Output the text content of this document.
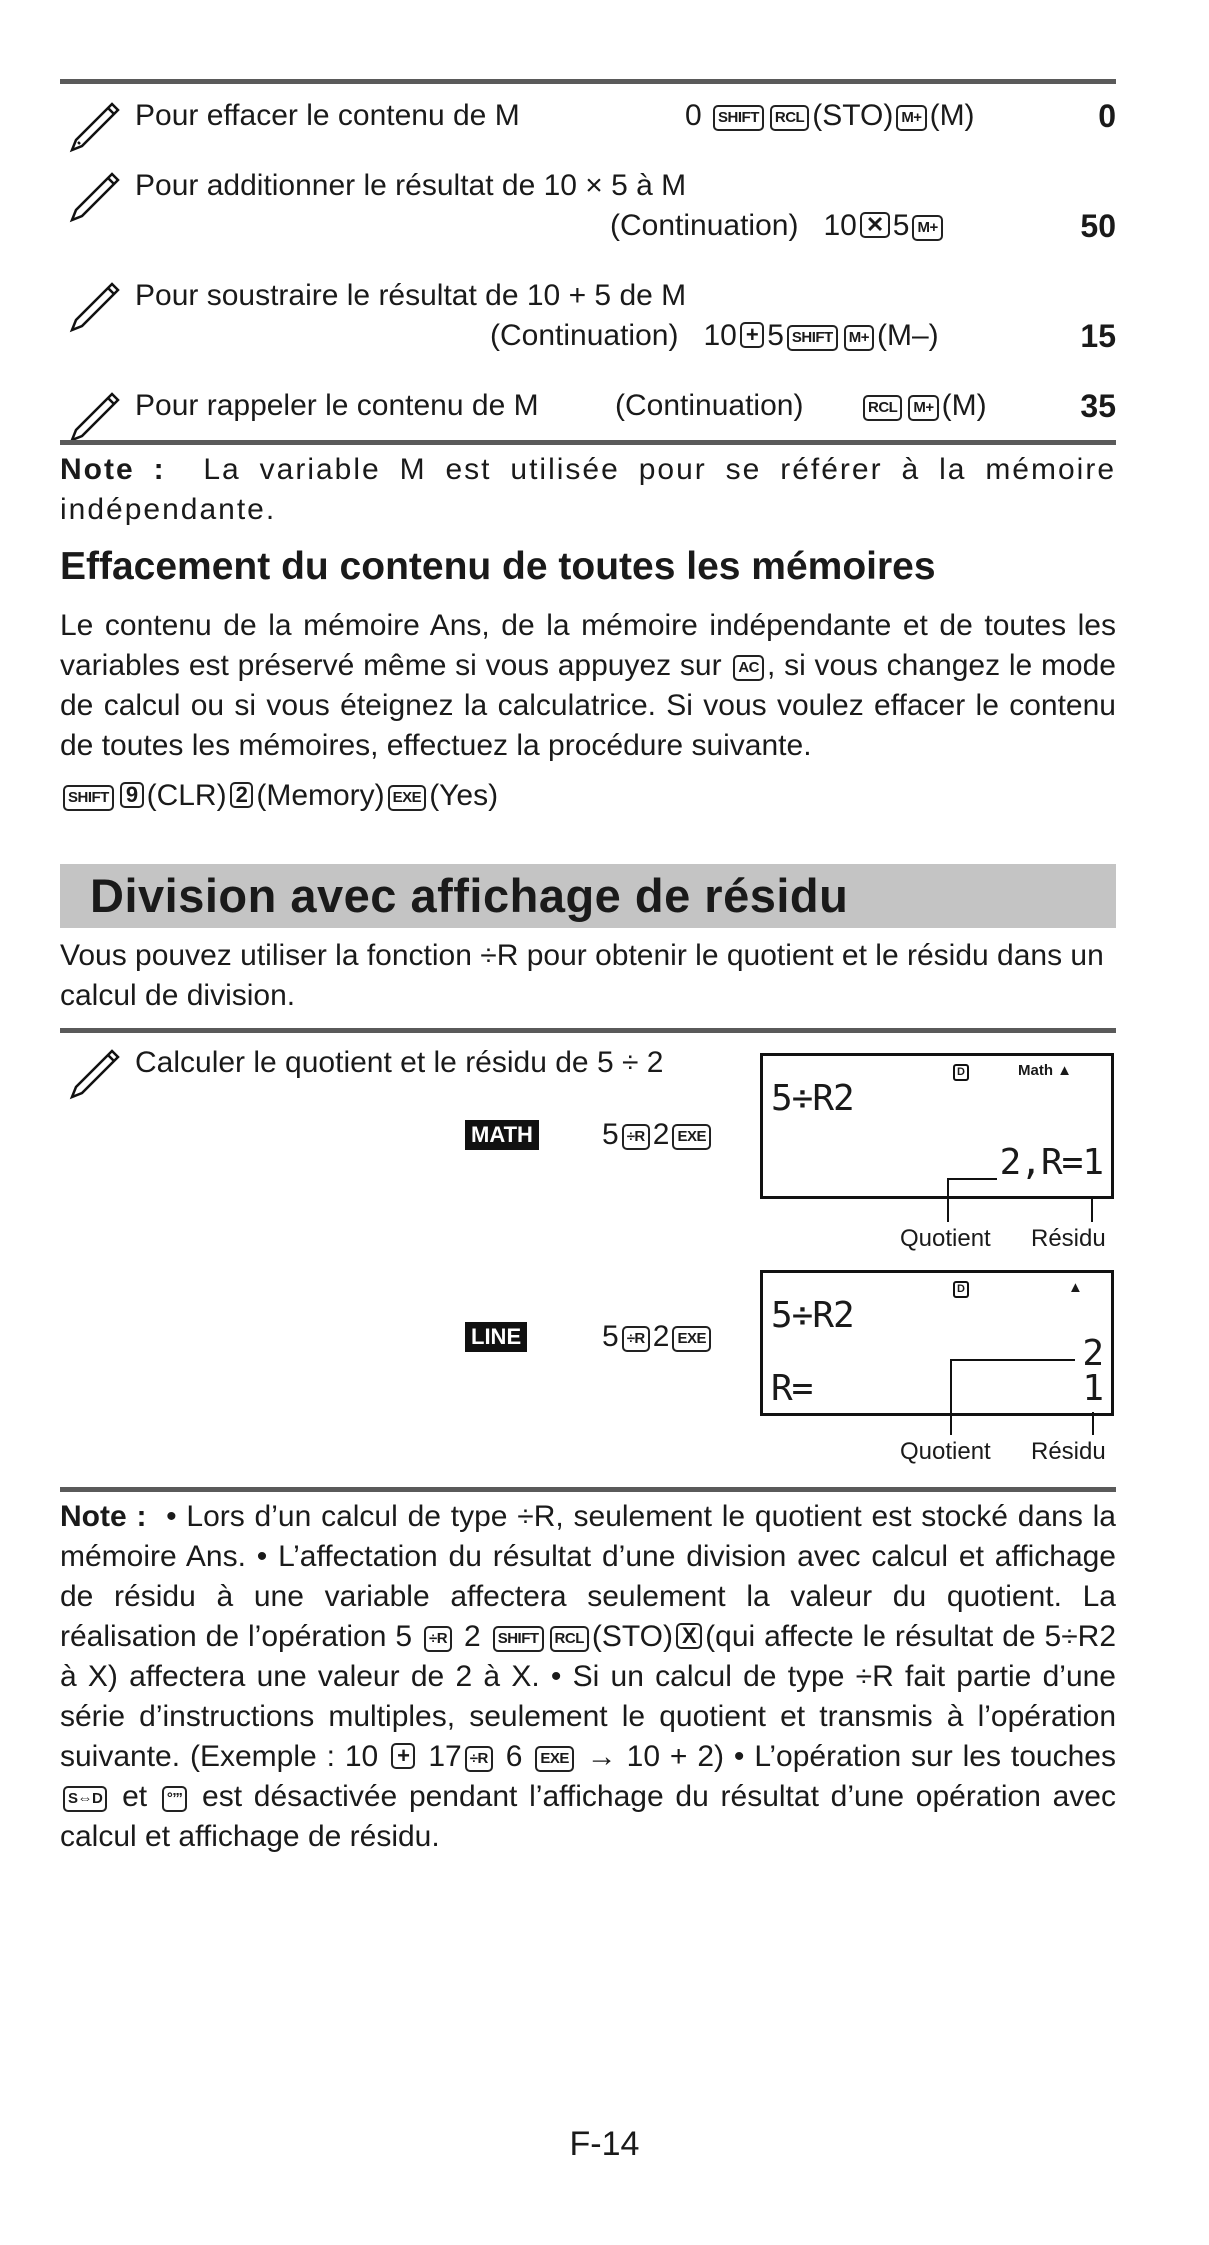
Pour effacer le contenu de M	0 SHIFT RCL (STO) M+ (M)	0
Pour additionner le résultat de 10 × 5 à M
(Continuation) 10 ✕ 5 M+	50
Pour soustraire le résultat de 10 + 5 de M
(Continuation) 10 + 5 SHIFT M+ (M–)	15
Pour rappeler le contenu de M	(Continuation)	RCL M+ (M)	35
Note : La variable M est utilisée pour se référer à la mémoire indépendante.
Effacement du contenu de toutes les mémoires
Le contenu de la mémoire Ans, de la mémoire indépendante et de toutes les variables est préservé même si vous appuyez sur AC , si vous changez le mode de calcul ou si vous éteignez la calculatrice. Si vous voulez effacer le contenu de toutes les mémoires, effectuez la procédure suivante.
SHIFT 9 (CLR) 2 (Memory) EXE (Yes)
Division avec affichage de résidu
Vous pouvez utiliser la fonction ÷R pour obtenir le quotient et le résidu dans un calcul de division.
Calculer le quotient et le résidu de 5 ÷ 2
MATH 5 ÷R 2 EXE
D	Math ▲
5÷R2
2,R=1
Quotient Résidu
LINE	5 ÷R 2 EXE
D	▲
5÷R2
2
R=	1
Quotient Résidu
Note : • Lors d’un calcul de type ÷R, seulement le quotient est stocké dans la mémoire Ans. • L’affectation du résultat d’une division avec calcul et affichage de résidu à une variable affectera seulement la valeur du quotient. La réalisation de l’opération 5 ÷R 2 SHIFT RCL (STO) X (qui affecte le résultat de 5÷R2 à X) affectera une valeur de 2 à X. • Si un calcul de type ÷R fait partie d’une série d’instructions multiples, seulement le quotient et transmis à l’opération suivante. (Exemple : 10 + 17 ÷R 6 EXE → 10 + 2) • L’opération sur les touches S⇔D et °’’’ est désactivée pendant l’affichage du résultat d’une opération avec calcul et affichage de résidu.
F-14
